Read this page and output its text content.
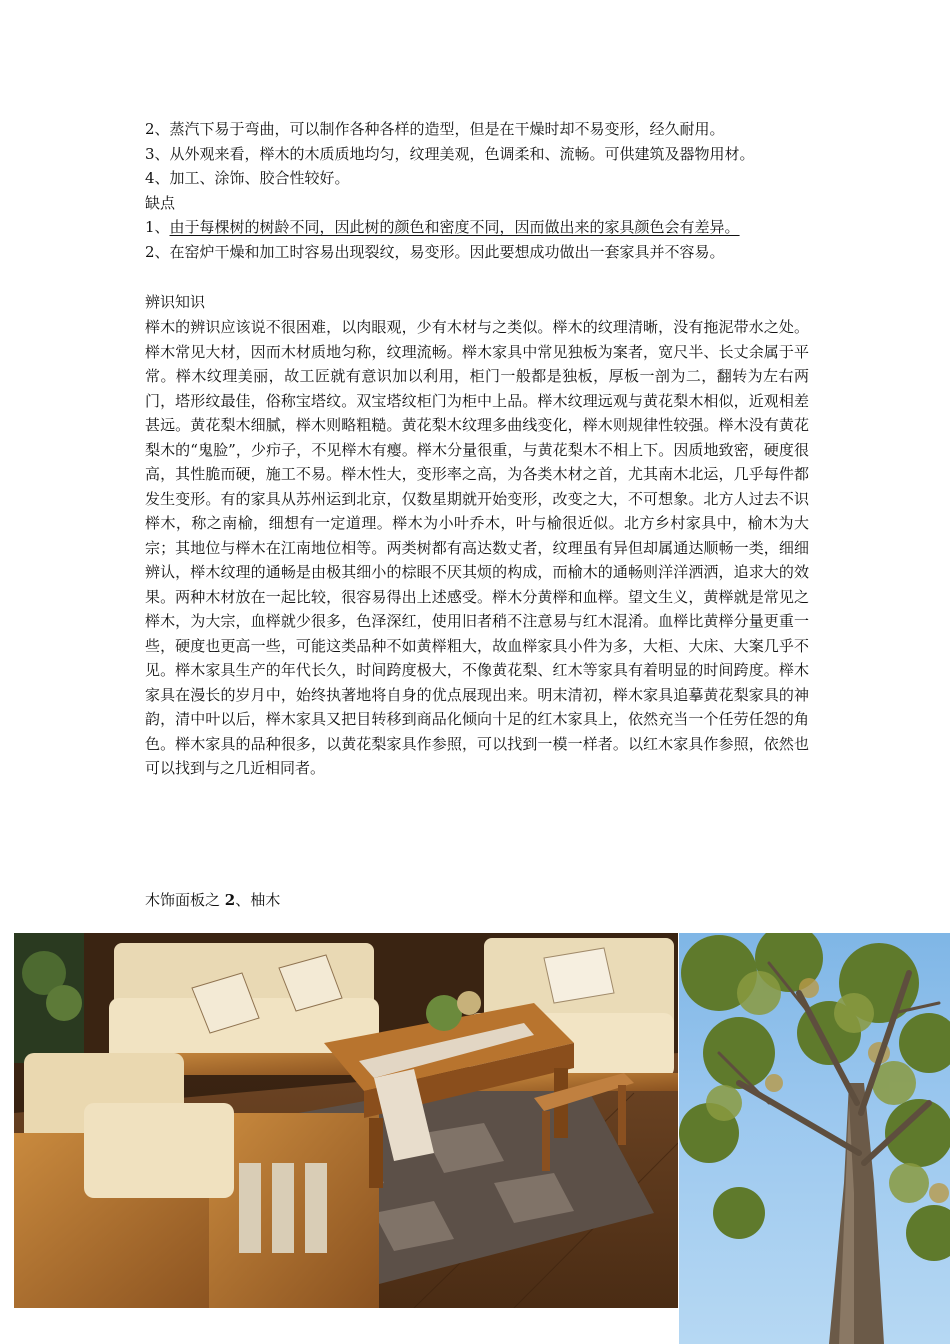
2、蒸汽下易于弯曲，可以制作各种各样的造型，但是在干燥时却不易变形，经久耐用。

3、从外观来看，榉木的木质质地均匀，纹理美观，色调柔和、流畅。可供建筑及器物用材。

4、加工、涂饰、胶合性较好。

缺点

1、由于每棵树的树龄不同，因此树的颜色和密度不同，因而做出来的家具颜色会有差异。

2、在窑炉干燥和加工时容易出现裂纹，易变形。因此要想成功做出一套家具并不容易。

辨识知识

榉木的辨识应该说不很困难，以肉眼观，少有木材与之类似。榉木的纹理清晰，没有拖泥带水之处。榉木常见大材，因而木材质地匀称，纹理流畅。榉木家具中常见独板为案者，宽尺半、长丈余属于平常。榉木纹理美丽，故工匠就有意识加以利用，柜门一般都是独板，厚板一剖为二，翻转为左右两门，塔形纹最佳，俗称宝塔纹。双宝塔纹柜门为柜中上品。榉木纹理远观与黄花梨木相似，近观相差甚远。黄花梨木细腻，榉木则略粗糙。黄花梨木纹理多曲线变化，榉木则规律性较强。榉木没有黄花梨木的“鬼脸”，少疖子，不见榉木有瘿。榉木分量很重，与黄花梨木不相上下。因质地致密，硬度很高，其性脆而硬，施工不易。榉木性大，变形率之高，为各类木材之首，尤其南木北运，几乎每件都发生变形。有的家具从苏州运到北京，仅数星期就开始变形，改变之大，不可想象。北方人过去不识榉木，称之南榆，细想有一定道理。榉木为小叶乔木，叶与榆很近似。北方乡村家具中，榆木为大宗；其地位与榉木在江南地位相等。两类树都有高达数丈者，纹理虽有异但却属通达顺畅一类，细细辨认，榉木纹理的通畅是由极其细小的棕眼不厌其烦的构成，而榆木的通畅则洋洋洒洒，追求大的效果。两种木材放在一起比较，很容易得出上述感受。榉木分黄榉和血榉。望文生义，黄榉就是常见之榉木，为大宗，血榉就少很多，色泽深红，使用旧者稍不注意易与红木混淆。血榉比黄榉分量更重一些，硬度也更高一些，可能这类品种不如黄榉粗大，故血榉家具小件为多，大柜、大床、大案几乎不见。榉木家具生产的年代长久，时间跨度极大，不像黄花梨、红木等家具有着明显的时间跨度。榉木家具在漫长的岁月中，始终执著地将自身的优点展现出来。明末清初，榉木家具追摹黄花梨家具的神韵，清中叶以后，榉木家具又把目转移到商品化倾向十足的红木家具上，依然充当一个任劳任怨的角色。榉木家具的品种很多，以黄花梨家具作参照，可以找到一模一样者。以红木家具作参照，依然也可以找到与之几近相同者。

木饰面板之 2、柚木
